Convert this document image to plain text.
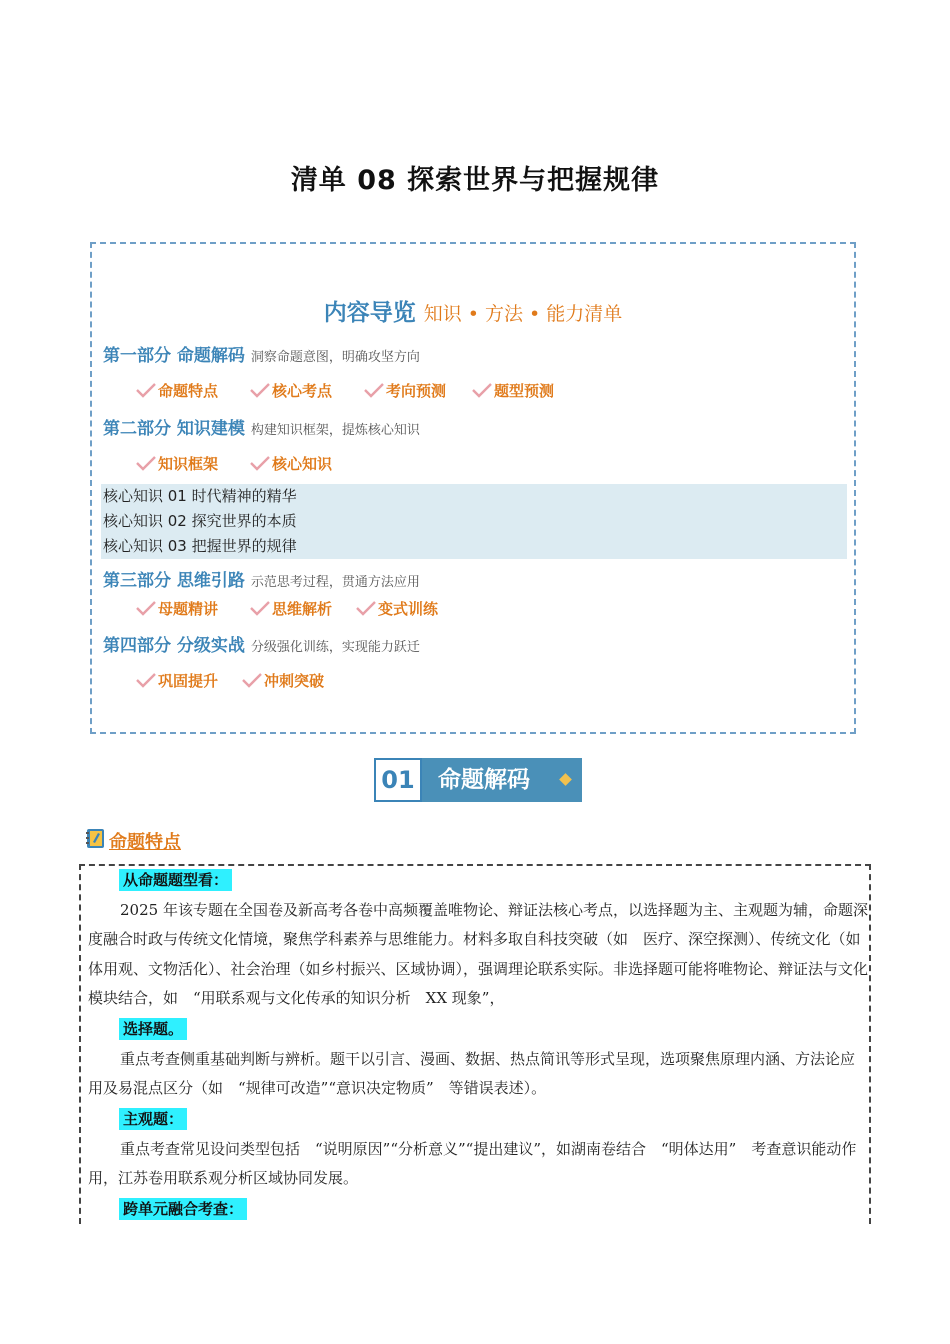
清单 08 探索世界与把握规律
内容导览 知识 • 方法 • 能力清单
第一部分 命题解码 洞察命题意图，明确攻坚方向
命题特点	核心考点	考向预测	题型预测
第二部分 知识建模 构建知识框架，提炼核心知识
知识框架	核心知识
核心知识 01 时代精神的精华
核心知识 02 探究世界的本质
核心知识 03 把握世界的规律
第三部分 思维引路 示范思考过程，贯通方法应用
母题精讲	思维解析	变式训练
第四部分 分级实战 分级强化训练，实现能力跃迁
巩固提升	冲刺突破
01	命题解码
命题特点
从命题题型看：
2025 年该专题在全国卷及新高考各卷中高频覆盖唯物论、辩证法核心考点，以选择题为主、主观题为辅，命题深度融合时政与传统文化情境，聚焦学科素养与思维能力。材料多取自科技突破（如　医疗、深空探测）、传统文化（如体用观、文物活化）、社会治理（如乡村振兴、区域协调），强调理论联系实际。非选择题可能将唯物论、辩证法与文化模块结合，如　“用联系观与文化传承的知识分析　XX 现象”，
选择题。
重点考查侧重基础判断与辨析。题干以引言、漫画、数据、热点简讯等形式呈现，选项聚焦原理内涵、方法论应用及易混点区分（如　“规律可改造”“意识决定物质”　等错误表述）。
主观题：
重点考查常见设问类型包括　“说明原因”“分析意义”“提出建议”，如湖南卷结合　“明体达用”　考查意识能动作用，江苏卷用联系观分析区域协同发展。
跨单元融合考查：
